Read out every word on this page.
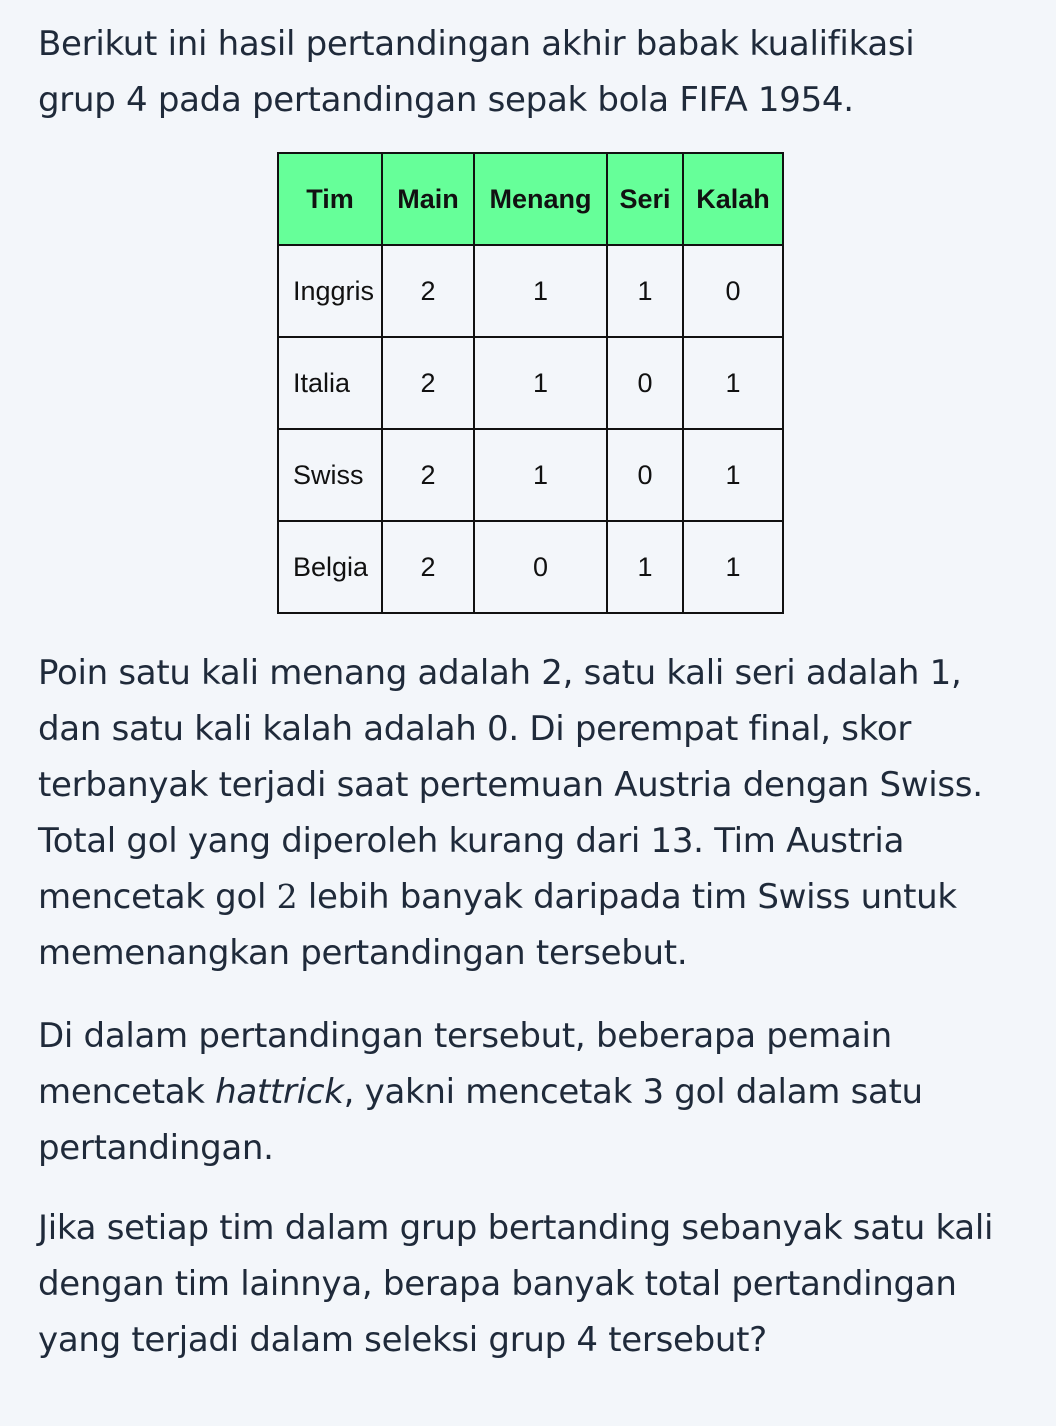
Berikut ini hasil pertandingan akhir babak kualifikasi
grup 4 pada pertandingan sepak bola FIFA 1954.

Poin satu kali menang adalah 2, satu kali seri adalah 1,
dan satu kali kalah adalah 0. Di perempat final, skor
terbanyak terjadi saat pertemuan Austria dengan Swiss.
Total gol yang diperoleh kurang dari 13. Tim Austria
mencetak gol 2 lebih banyak daripada tim Swiss untuk
memenangkan pertandingan tersebut.

Di dalam pertandingan tersebut, beberapa pemain
mencetak hattrick, yakni mencetak 3 gol dalam satu
pertandingan.

Jika setiap tim dalam grup bertanding sebanyak satu kali
dengan tim lainnya, berapa banyak total pertandingan
yang terjadi dalam seleksi grup 4 tersebut?

Tim	Main	Menang	Seri	Kalah
Inggris	2	1	1	0
Italia	2	1	0	1
Swiss	2	1	0	1
Belgia	2	0	1	1
